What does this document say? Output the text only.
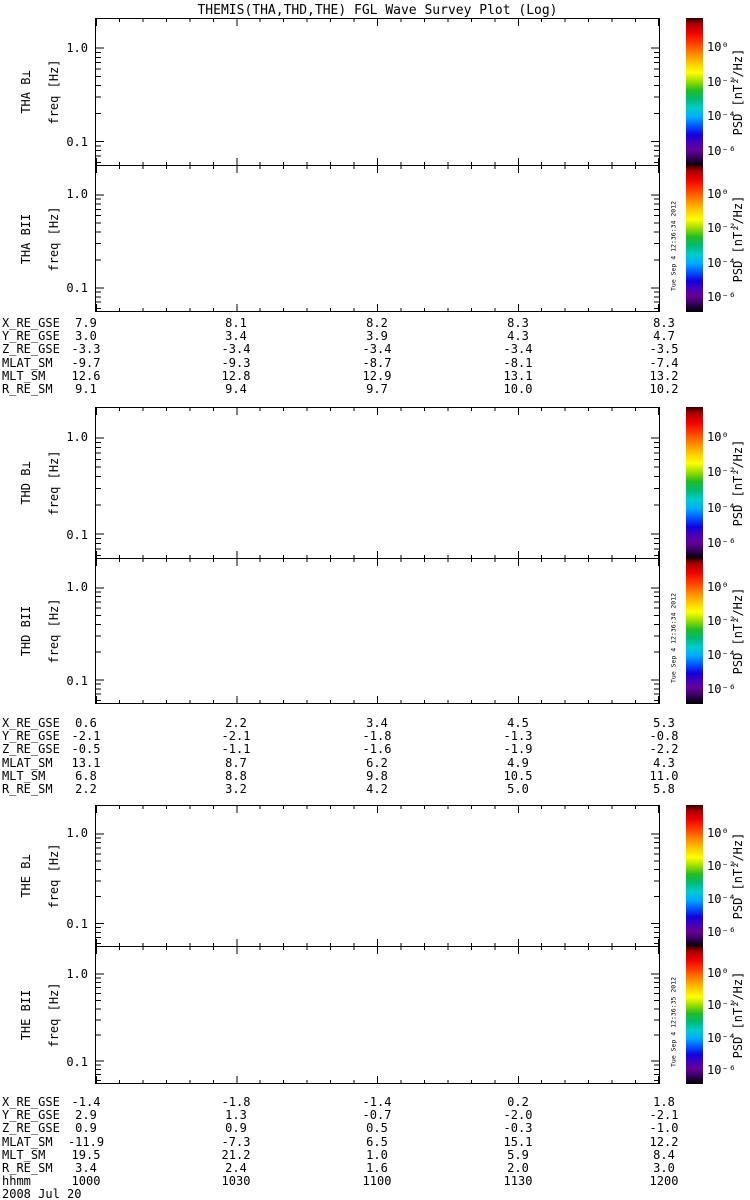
THEMIS(THA,THD,THE) FGL Wave Survey Plot (Log)
THA B⊥ freq [Hz]
THA BII freq [Hz]
PSD [nT²/Hz]
PSD [nT²/Hz]
Tue Sep 4 12:36:34 2012
X_RE_GSE 7.9	8.1	8.2	8.3	8.3
Y_RE_GSE 3.0	3.4	3.9	4.3	4.7
Z_RE_GSE -3.3	-3.4	-3.4	-3.4	-3.5
MLAT_SM -9.7	-9.3	-8.7	-8.1	-7.4
MLT_SM 12.6	12.8	12.9	13.1	13.2
R_RE_SM 9.1	9.4	9.7	10.0	10.2
1.0
0.1
1.0
0.1
10⁰
10⁻²
10⁻⁴
10⁻⁶
10⁰
10⁻²
10⁻⁴
10⁻⁶
THD B⊥ freq [Hz]
THD BII freq [Hz]
PSD [nT²/Hz]
PSD [nT²/Hz]
Tue Sep 4 12:36:34 2012
X_RE_GSE 0.6	2.2	3.4	4.5	5.3
Y_RE_GSE -2.1	-2.1	-1.8	-1.3	-0.8
Z_RE_GSE -0.5	-1.1	-1.6	-1.9	-2.2
MLAT_SM 13.1	8.7	6.2	4.9	4.3
MLT_SM 6.8	8.8	9.8	10.5	11.0
R_RE_SM 2.2	3.2	4.2	5.0	5.8
1.0
0.1
1.0
0.1
10⁰
10⁻²
10⁻⁴
10⁻⁶
10⁰
10⁻²
10⁻⁴
10⁻⁶
THE B⊥ freq [Hz]
THE BII freq [Hz]
PSD [nT²/Hz]
PSD [nT²/Hz]
Tue Sep 4 12:36:35 2012
X_RE_GSE -1.4	-1.8	-1.4	0.2	1.8
Y_RE_GSE 2.9	1.3	-0.7	-2.0	-2.1
Z_RE_GSE 0.9	0.9	0.5	-0.3	-1.0
MLAT_SM -11.9	-7.3	6.5	15.1	12.2
MLT_SM 19.5	21.2	1.0	5.9	8.4
R_RE_SM 3.4	2.4	1.6	2.0	3.0
1.0
0.1
1.0
0.1
10⁰
10⁻²
10⁻⁴
10⁻⁶
10⁰
10⁻²
10⁻⁴
10⁻⁶
hhmm	1000	1030	1100	1130	1200
2008 Jul 20
